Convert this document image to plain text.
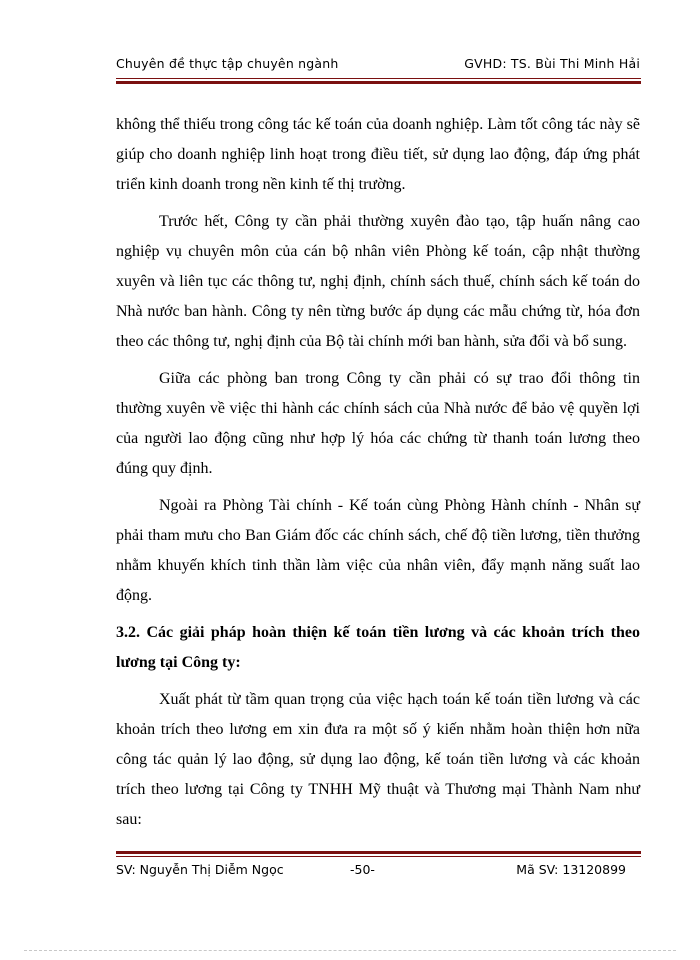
Chuyên đề thực tập chuyên ngành	GVHD: TS. Bùi Thi Minh Hải

không thể thiếu trong công tác kế toán của doanh nghiệp. Làm tốt công tác này sẽ giúp cho doanh nghiệp linh hoạt trong điều tiết, sử dụng lao động, đáp ứng phát triển kinh doanh trong nền kinh tế thị trường.

Trước hết, Công ty cần phải thường xuyên đào tạo, tập huấn nâng cao nghiệp vụ chuyên môn của cán bộ nhân viên Phòng kế toán, cập nhật thường xuyên và liên tục các thông tư, nghị định, chính sách thuế, chính sách kế toán do Nhà nước ban hành. Công ty nên từng bước áp dụng các mẫu chứng từ, hóa đơn theo các thông tư, nghị định của Bộ tài chính mới ban hành, sửa đổi và bổ sung.

Giữa các phòng ban trong Công ty cần phải có sự trao đổi thông tin thường xuyên về việc thi hành các chính sách của Nhà nước để bảo vệ quyền lợi của người lao động cũng như hợp lý hóa các chứng từ thanh toán lương theo đúng quy định.

Ngoài ra Phòng Tài chính - Kế toán cùng Phòng Hành chính - Nhân sự phải tham mưu cho Ban Giám đốc các chính sách, chế độ tiền lương, tiền thưởng nhằm khuyến khích tinh thần làm việc của nhân viên, đẩy mạnh năng suất lao động.

3.2. Các giải pháp hoàn thiện kế toán tiền lương và các khoản trích theo lương tại Công ty:

Xuất phát từ tầm quan trọng của việc hạch toán kế toán tiền lương và các khoản trích theo lương em xin đưa ra một số ý kiến nhằm hoàn thiện hơn nữa công tác quản lý lao động, sử dụng lao động, kế toán tiền lương và các khoản trích theo lương tại Công ty TNHH Mỹ thuật và Thương mại Thành Nam như sau:

SV: Nguyễn Thị Diễm Ngọc	-50-	Mã SV: 13120899
